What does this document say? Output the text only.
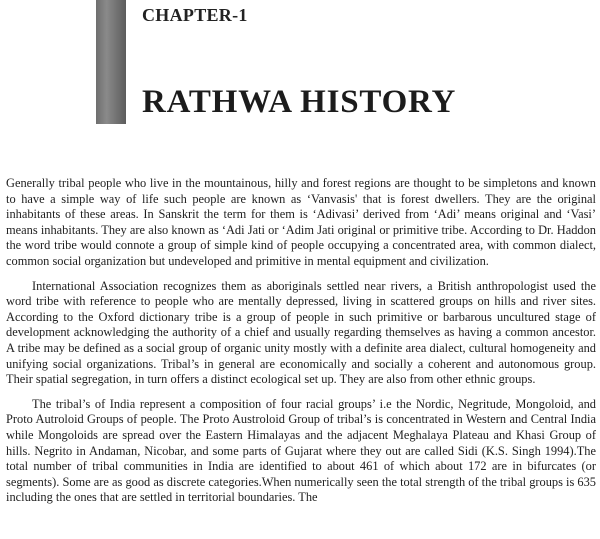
CHAPTER-1
RATHWA HISTORY

Generally tribal people who live in the mountainous, hilly and forest regions are thought to be simpletons and known to have a simple way of life such people are known as ‘Vanvasis' that is forest dwellers. They are the original inhabitants of these areas. In Sanskrit the term for them is ‘Adivasi’ derived from ‘Adi’ means original and ‘Vasi’ means inhabitants. They are also known as ‘Adi Jati or ‘Adim Jati original or primitive tribe. According to Dr. Haddon the word tribe would connote a group of simple kind of people occupying a concentrated area, with common dialect, common social organization but undeveloped and primitive in mental equipment and civilization.

International Association recognizes them as aboriginals settled near rivers, a British anthropologist used the word tribe with reference to people who are mentally depressed, living in scattered groups on hills and river sites. According to the Oxford dictionary tribe is a group of people in such primitive or barbarous uncultured stage of development acknowledging the authority of a chief and usually regarding themselves as having a common ancestor. A tribe may be defined as a social group of organic unity mostly with a definite area dialect, cultural homogeneity and unifying social organizations. Tribal’s in general are economically and socially a coherent and autonomous group. Their spatial segregation, in turn offers a distinct ecological set up. They are also from other ethnic groups.

The tribal’s of India represent a composition of four racial groups’ i.e the Nordic, Negritude, Mongoloid, and Proto Autroloid Groups of people. The Proto Austroloid Group of tribal’s is concentrated in Western and Central India while Mongoloids are spread over the Eastern Himalayas and the adjacent Meghalaya Plateau and Khasi Group of hills. Negrito in Andaman, Nicobar, and some parts of Gujarat where they out are called Sidi (K.S. Singh 1994).The total number of tribal communities in India are identified to about 461 of which about 172 are in bifurcates (or segments). Some are as good as discrete categories.When numerically seen the total strength of the tribal groups is 635 including the ones that are settled in territorial boundaries. The
